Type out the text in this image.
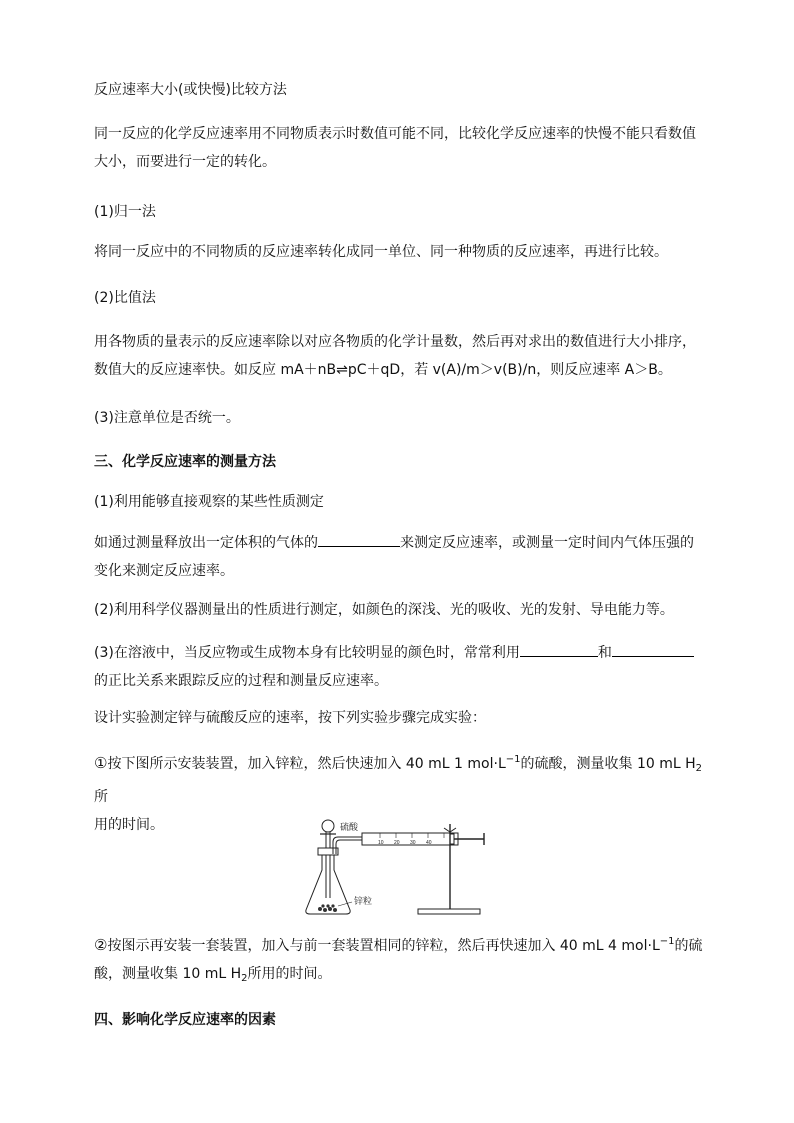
反应速率大小(或快慢)比较方法
同一反应的化学反应速率用不同物质表示时数值可能不同，比较化学反应速率的快慢不能只看数值
大小，而要进行一定的转化。
(1)归一法
将同一反应中的不同物质的反应速率转化成同一单位、同一种物质的反应速率，再进行比较。
(2)比值法
用各物质的量表示的反应速率除以对应各物质的化学计量数，然后再对求出的数值进行大小排序，
数值大的反应速率快。如反应 mA＋nB⇌pC＋qD，若 v(A)/m＞v(B)/n，则反应速率 A＞B。
(3)注意单位是否统一。
三、化学反应速率的测量方法
(1)利用能够直接观察的某些性质测定
如通过测量释放出一定体积的气体的	来测定反应速率，或测量一定时间内气体压强的
变化来测定反应速率。
(2)利用科学仪器测量出的性质进行测定，如颜色的深浅、光的吸收、光的发射、导电能力等。
(3)在溶液中，当反应物或生成物本身有比较明显的颜色时，常常利用	和
的正比关系来跟踪反应的过程和测量反应速率。
设计实验测定锌与硫酸反应的速率，按下列实验步骤完成实验：
①按下图所示安装装置，加入锌粒，然后快速加入 40 mL 1 $mol\cdot L^{-1}$的硫酸，测量收集 10 mL $H_2$所
用的时间。
10 20 30 40
硫酸
锌粒
②按图示再安装一套装置，加入与前一套装置相同的锌粒，然后再快速加入 40 mL 4 $mol\cdot L^{-1}$的硫
酸，测量收集 10 mL $H_2$所用的时间。
四、影响化学反应速率的因素
